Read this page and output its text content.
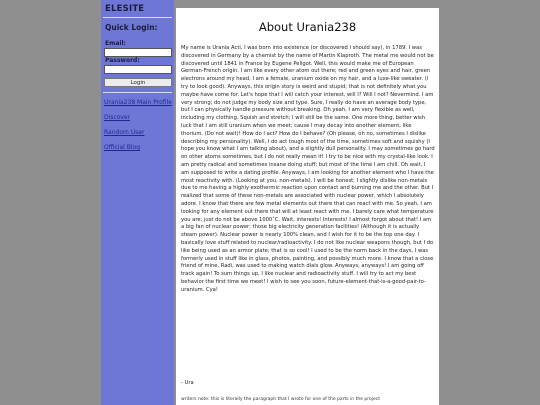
ELESITE
Quick Login:
Email:
Password:
Login
Urania238 Main Profile
Discover
Random User
Official Blog
About Urania238

My name is Urania Acti, I was born into existence (or discovered I should say), in 1789. I was discovered in Germany by a chemist by the name of Martin Klaproth. The metal me would not be discovered until 1841 in France by Eugene Peligot. Well, this would make me of European German-French origin. I am like every other atom out there; red and green eyes and hair, green electrons around my head, I am a female, uranium oxide on my hair, and a luxe-like sweater. (I try to look good). Anyways, this origin story is weird and stupid; that is not definitely what you maybe have come for. Let's hope that I will catch your interest, will I? Will I not? Nevermind. I am very strong; do not judge my body size and type. Sure, I really do have an average body type, but I can physically handle pressure without breaking. Oh yeah, I am very flexible as well, including my clothing. Squish and stretch; I will still be the same. One more thing, better wish luck that I am still uranium when we meet; cause I may decay into another element, like thorium. (Do not wait)! How do I act? How do I behave? (Oh please, oh no, sometimes I dislike describing my personality). Well, I do act tough most of the time, sometimes soft and squishy (I hope you know what I am talking about), and a slightly dull personality. I may sometimes go hard on other atoms sometimes, but I do not really mean it! I try to be nice with my crystal-like look. I am pretty radical and sometimes insane doing stuff; but most of the time I am chill. Oh wait, I am supposed to write a dating profile. Anyways, I am looking for another element who I have the most reactivity with. (Looking at you, non-metals). I will be honest, I slightly dislike non-metals due to me having a highly exothermic reaction upon contact and burning me and the other. But I realized that some of these non-metals are associated with nuclear power, which I absolutely adore. I know that there are few metal elements out there that can react with me. So yeah, I am looking for any element out there that will at least react with me. I barely care what temperature you are; just do not be above 1000˚C. Wait, interests! Interests! I almost forgot about that! I am a big fan of nuclear power; those big electricity generation facilities! (Although it is actually steam power). Nuclear power is nearly 100% clean, and I wish for it to be the top one day. I basically love stuff related to nuclear/radioactivity. I do not like nuclear weapons though, but I do like being used as an armor plate; that is so cool! I used to be the norm back in the days, I was formerly used in stuff like in glass, photos, painting, and possibly much more. I know that a close friend of mine, Radi, was used to making watch dials glow. Anyways, anyways! I am going off track again! To sum things up, I like nuclear and radioactivity stuff. I will try to act my best behavior the first time we meet! I wish to see you soon, future-element-that-is-a-good-pair-to-uranium. Cya!

- Ura
writers note: this is literally the paragraph that I wrote for one of the parts in the project
